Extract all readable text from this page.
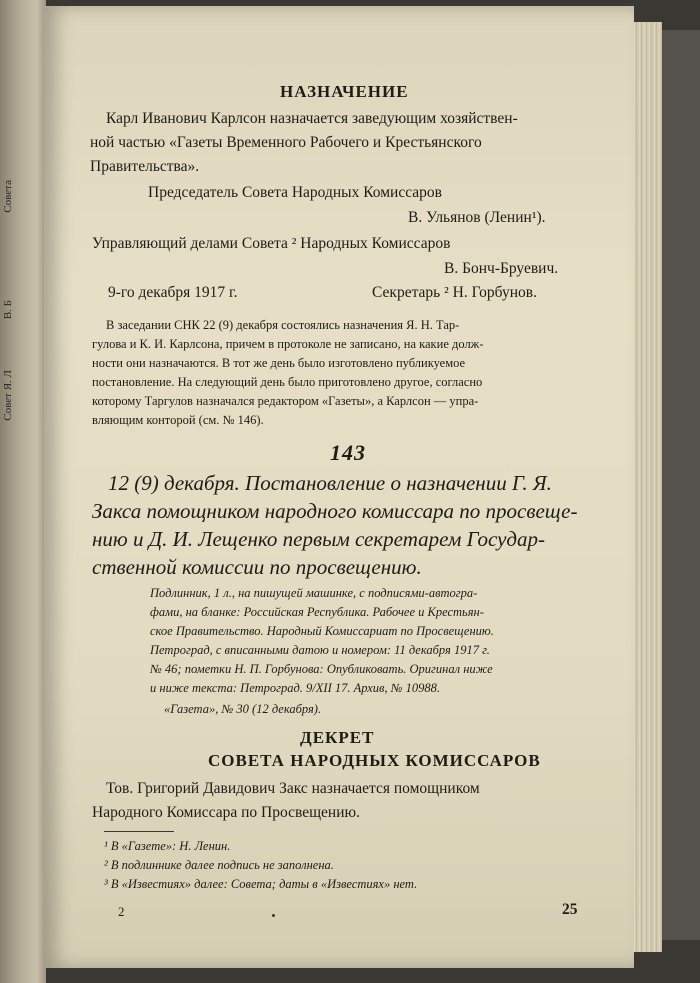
Совета
В. Б
Совет Я. Л
НАЗНАЧЕНИЕ
Карл Иванович Карлсон назначается заведующим хозяйствен-
ной частью «Газеты Временного Рабочего и Крестьянского
Правительства».
Председатель Совета Народных Комиссаров
В. Ульянов (Ленин¹).
Управляющий делами Совета ² Народных Комиссаров
В. Бонч-Бруевич.
9-го декабря 1917 г.	Секретарь ² Н. Горбунов.
В заседании СНК 22 (9) декабря состоялись назначения Я. Н. Тар-
гулова и К. И. Карлсона, причем в протоколе не записано, на какие долж-
ности они назначаются. В тот же день было изготовлено публикуемое
постановление. На следующий день было приготовлено другое, согласно
которому Таргулов назначался редактором «Газеты», а Карлсон — упра-
вляющим конторой (см. № 146).
143
12 (9) декабря. Постановление о назначении Г. Я.
Закса помощником народного комиссара по просвеще-
нию и Д. И. Лещенко первым секретарем Государ-
ственной комиссии по просвещению.
Подлинник, 1 л., на пишущей машинке, с подписями-автогра-
фами, на бланке: Российская Республика. Рабочее и Крестьян-
ское Правительство. Народный Комиссариат по Просвещению.
Петроград, с вписанными датою и номером: 11 декабря 1917 г.
№ 46; пометки Н. П. Горбунова: Опубликовать. Оригинал ниже
и ниже текста: Петроград. 9/XII 17. Архив, № 10988.
«Газета», № 30 (12 декабря).
ДЕКРЕТ
СОВЕТА НАРОДНЫХ КОМИССАРОВ
Тов. Григорий Давидович Закс назначается помощником
Народного Комиссара по Просвещению.
¹ В «Газете»: Н. Ленин.
² В подлиннике далее подпись не заполнена.
³ В «Известиях» далее: Совета; даты в «Известиях» нет.
2	25
